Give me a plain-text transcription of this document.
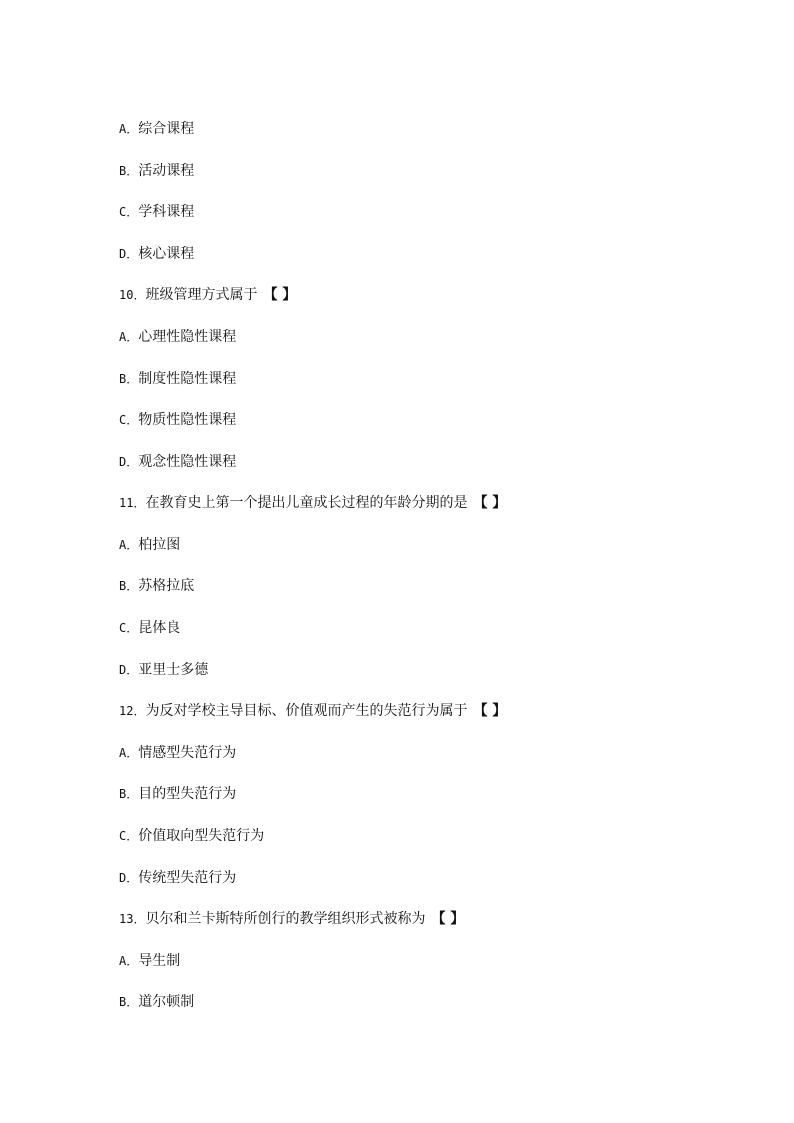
A．综合课程
B．活动课程
C．学科课程
D．核心课程
10．班级管理方式属于 【 】
A．心理性隐性课程
B．制度性隐性课程
C．物质性隐性课程
D．观念性隐性课程
11．在教育史上第一个提出儿童成长过程的年龄分期的是 【 】
A．柏拉图
B．苏格拉底
C．昆体良
D．亚里士多德
12．为反对学校主导目标、价值观而产生的失范行为属于 【 】
A．情感型失范行为
B．目的型失范行为
C．价值取向型失范行为
D．传统型失范行为
13．贝尔和兰卡斯特所创行的教学组织形式被称为 【 】
A．导生制
B．道尔顿制
